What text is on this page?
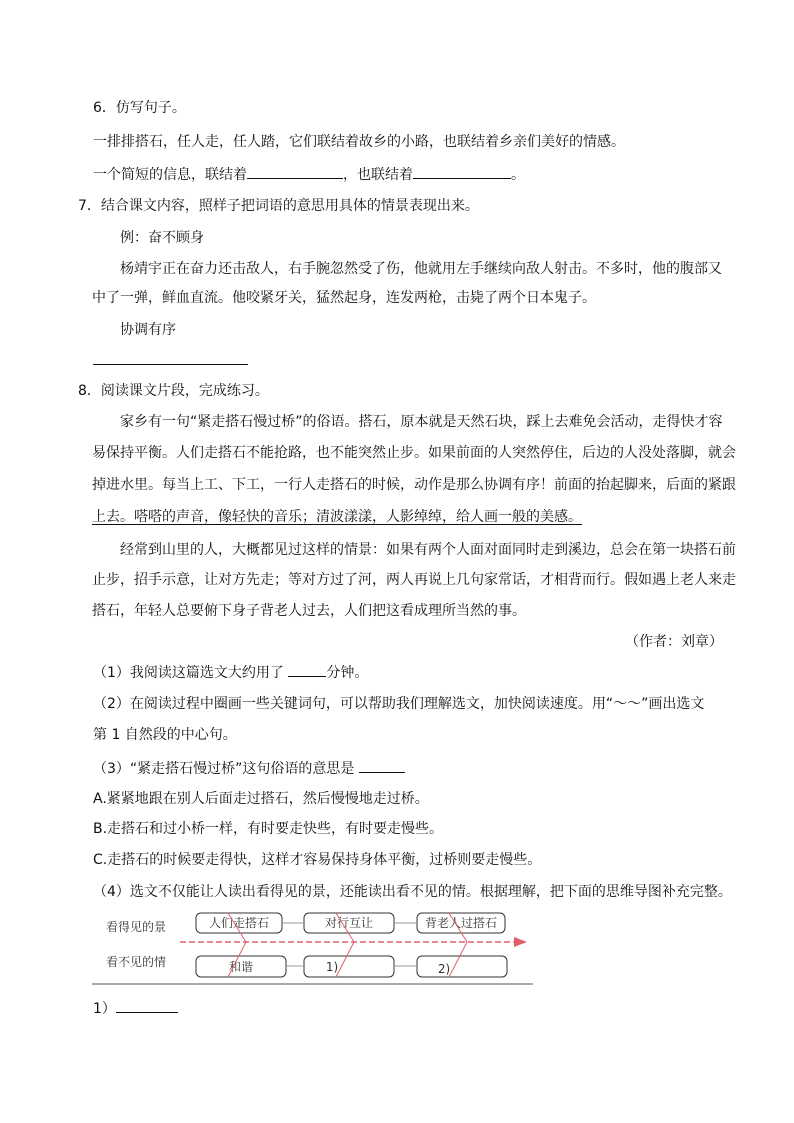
6．仿写句子。
一排排搭石，任人走，任人踏，它们联结着故乡的小路，也联结着乡亲们美好的情感。
一个简短的信息，联结着	，也联结着	。
7．结合课文内容，照样子把词语的意思用具体的情景表现出来。
例：奋不顾身
杨靖宇正在奋力还击敌人，右手腕忽然受了伤，他就用左手继续向敌人射击。不多时，他的腹部又
中了一弹，鲜血直流。他咬紧牙关，猛然起身，连发两枪，击毙了两个日本鬼子。
协调有序
8．阅读课文片段，完成练习。
家乡有一句“紧走搭石慢过桥”的俗语。搭石，原本就是天然石块，踩上去难免会活动，走得快才容
易保持平衡。人们走搭石不能抢路，也不能突然止步。如果前面的人突然停住，后边的人没处落脚，就会
掉进水里。每当上工、下工，一行人走搭石的时候，动作是那么协调有序！前面的抬起脚来，后面的紧跟
上去。嗒嗒的声音，像轻快的音乐；清波漾漾，人影绰绰，给人画一般的美感。
经常到山里的人，大概都见过这样的情景：如果有两个人面对面同时走到溪边，总会在第一块搭石前
止步，招手示意，让对方先走；等对方过了河，两人再说上几句家常话，才相背而行。假如遇上老人来走
搭石，年轻人总要俯下身子背老人过去，人们把这看成理所当然的事。
（作者：刘章）
（1）我阅读这篇选文大约用了	分钟。
（2）在阅读过程中圈画一些关键词句，可以帮助我们理解选文，加快阅读速度。用“～～”画出选文
第 1 自然段的中心句。
（3）“紧走搭石慢过桥”这句俗语的意思是
A.紧紧地跟在别人后面走过搭石，然后慢慢地走过桥。
B.走搭石和过小桥一样，有时要走快些，有时要走慢些。
C.走搭石的时候要走得快，这样才容易保持身体平衡，过桥则要走慢些。
（4）选文不仅能让人读出看得见的景，还能读出看不见的情。根据理解，把下面的思维导图补充完整。
看得见的景
看不见的情
人们走搭石	对行互让	背老人过搭石
和谐	1)	2)
1）
